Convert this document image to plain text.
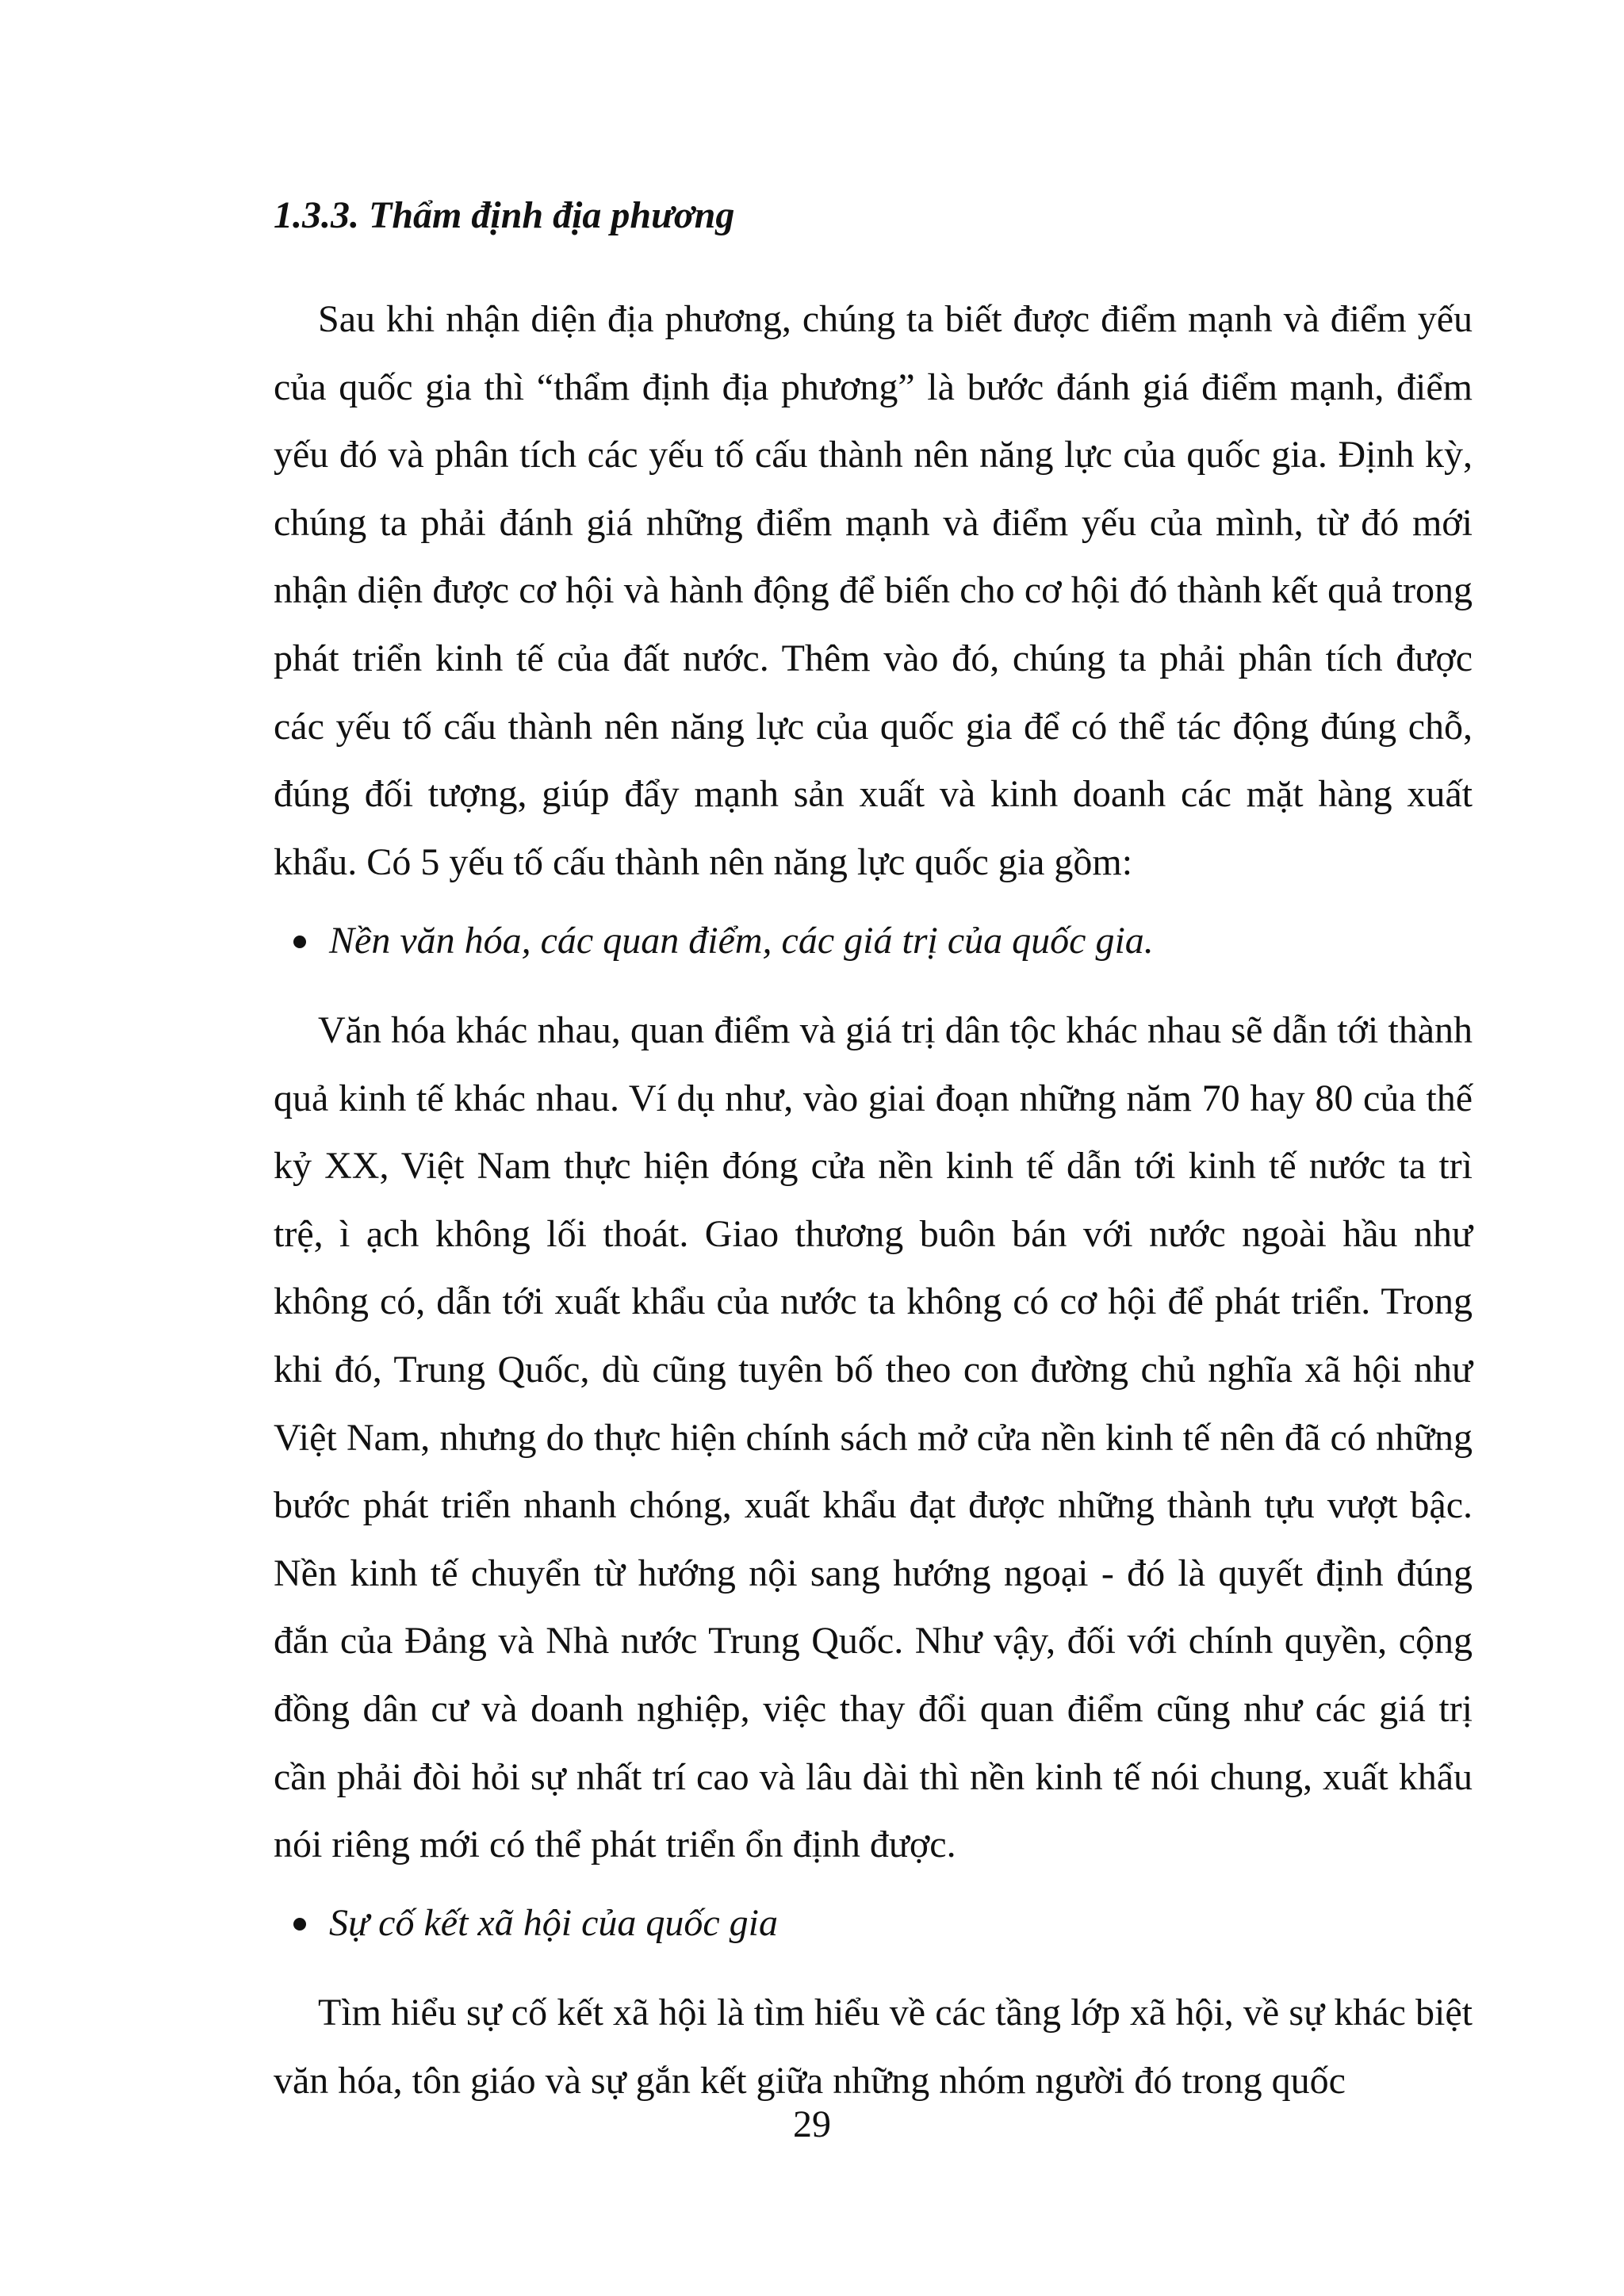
1.3.3. Thẩm định địa phương

Sau khi nhận diện địa phương, chúng ta biết được điểm mạnh và điểm yếu của quốc gia thì “thẩm định địa phương” là bước đánh giá điểm mạnh, điểm yếu đó và phân tích các yếu tố cấu thành nên năng lực của quốc gia. Định kỳ, chúng ta phải đánh giá những điểm mạnh và điểm yếu của mình, từ đó mới nhận diện được cơ hội và hành động để biến cho cơ hội đó thành kết quả trong phát triển kinh tế của đất nước. Thêm vào đó, chúng ta phải phân tích được các yếu tố cấu thành nên năng lực của quốc gia để có thể tác động đúng chỗ, đúng đối tượng, giúp đẩy mạnh sản xuất và kinh doanh các mặt hàng xuất khẩu. Có 5 yếu tố cấu thành nên năng lực quốc gia gồm:

Nền văn hóa, các quan điểm, các giá trị của quốc gia.

Văn hóa khác nhau, quan điểm và giá trị dân tộc khác nhau sẽ dẫn tới thành quả kinh tế khác nhau. Ví dụ như, vào giai đoạn những năm 70 hay 80 của thế kỷ XX, Việt Nam thực hiện đóng cửa nền kinh tế dẫn tới kinh tế nước ta trì trệ, ì ạch không lối thoát. Giao thương buôn bán với nước ngoài hầu như không có, dẫn tới xuất khẩu của nước ta không có cơ hội để phát triển. Trong khi đó, Trung Quốc, dù cũng tuyên bố theo con đường chủ nghĩa xã hội như Việt Nam, nhưng do thực hiện chính sách mở cửa nền kinh tế nên đã có những bước phát triển nhanh chóng, xuất khẩu đạt được những thành tựu vượt bậc. Nền kinh tế chuyển từ hướng nội sang hướng ngoại - đó là quyết định đúng đắn của Đảng và Nhà nước Trung Quốc. Như vậy, đối với chính quyền, cộng đồng dân cư và doanh nghiệp, việc thay đổi quan điểm cũng như các giá trị cần phải đòi hỏi sự nhất trí cao và lâu dài thì nền kinh tế nói chung, xuất khẩu nói riêng mới có thể phát triển ổn định được.

Sự cố kết xã hội của quốc gia

Tìm hiểu sự cố kết xã hội là tìm hiểu về các tầng lớp xã hội, về sự khác biệt văn hóa, tôn giáo và sự gắn kết giữa những nhóm người đó trong quốc

29
